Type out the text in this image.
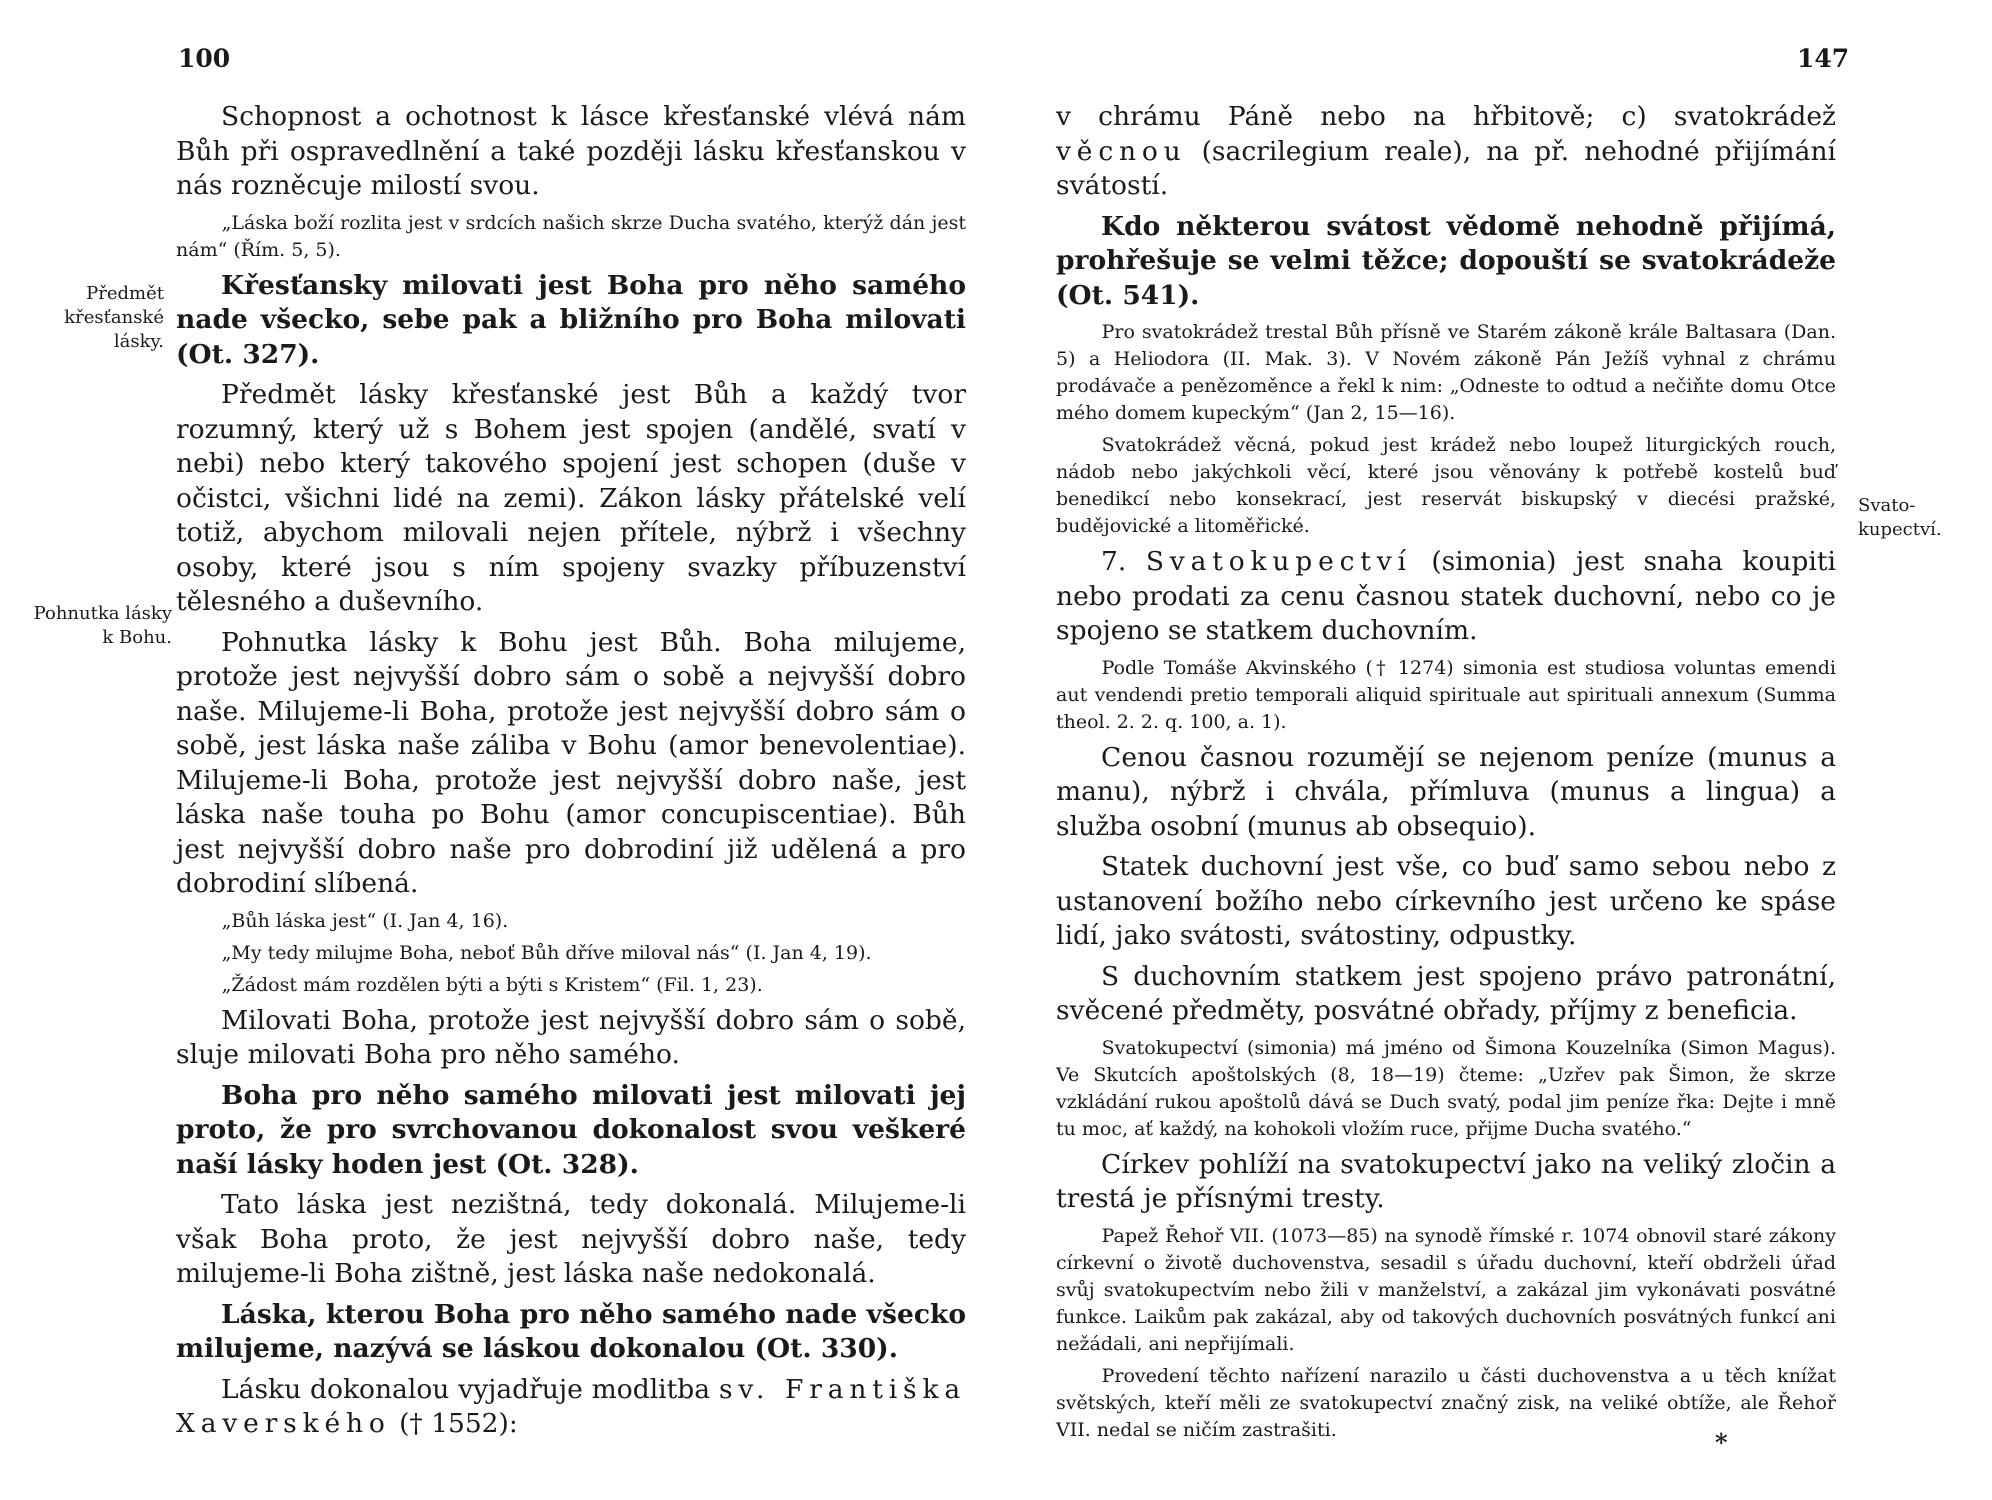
100
Předmět křesťanské lásky.
Pohnutka lásky k Bohu.

Schopnost a ochotnost k lásce křesťanské vlévá nám Bůh při ospravedlnění a také později lásku křesťanskou v nás rozněcuje milostí svou.

„Láska boží rozlita jest v srdcích našich skrze Ducha svatého, kterýž dán jest nám“ (Řím. 5, 5).

Křesťansky milovati jest Boha pro něho samého nade všecko, sebe pak a bližního pro Boha milovati (Ot. 327).

Předmět lásky křesťanské jest Bůh a každý tvor rozumný, který už s Bohem jest spojen (andělé, svatí v nebi) nebo který takového spojení jest schopen (duše v očistci, všichni lidé na zemi). Zákon lásky přátelské velí totiž, abychom milovali nejen přítele, nýbrž i všechny osoby, které jsou s ním spojeny svazky příbuzenství tělesného a duševního.

Pohnutka lásky k Bohu jest Bůh. Boha milujeme, protože jest nejvyšší dobro sám o sobě a nejvyšší dobro naše. Milujeme-li Boha, protože jest nejvyšší dobro sám o sobě, jest láska naše záliba v Bohu (amor benevolentiae). Milujeme-li Boha, protože jest nejvyšší dobro naše, jest láska naše touha po Bohu (amor concupiscentiae). Bůh jest nejvyšší dobro naše pro dobrodiní již udělená a pro dobrodiní slíbená.

„Bůh láska jest“ (I. Jan 4, 16).

„My tedy milujme Boha, neboť Bůh dříve miloval nás“ (I. Jan 4, 19).

„Žádost mám rozdělen býti a býti s Kristem“ (Fil. 1, 23).

Milovati Boha, protože jest nejvyšší dobro sám o sobě, sluje milovati Boha pro něho samého.

Boha pro něho samého milovati jest milovati jej proto, že pro svrchovanou dokonalost svou veškeré naší lásky hoden jest (Ot. 328).

Tato láska jest nezištná, tedy dokonalá. Milujeme-li však Boha proto, že jest nejvyšší dobro naše, tedy milujeme-li Boha zištně, jest láska naše nedokonalá.

Láska, kterou Boha pro něho samého nade všecko milujeme, nazývá se láskou dokonalou (Ot. 330).

Lásku dokonalou vyjadřuje modlitba sv. Františka Xaverského († 1552):

147
Svato-kupectví.

v chrámu Páně nebo na hřbitově; c) svatokrádež věcnou (sacrilegium reale), na př. nehodné přijímání svátostí.

Kdo některou svátost vědomě nehodně přijímá, prohřešuje se velmi těžce; dopouští se svatokrádeže (Ot. 541).

Pro svatokrádež trestal Bůh přísně ve Starém zákoně krále Baltasara (Dan. 5) a Heliodora (II. Mak. 3). V Novém zákoně Pán Ježíš vyhnal z chrámu prodávače a penězoměnce a řekl k nim: „Odneste to odtud a nečiňte domu Otce mého domem kupeckým“ (Jan 2, 15—16).

Svatokrádež věcná, pokud jest krádež nebo loupež liturgických rouch, nádob nebo jakýchkoli věcí, které jsou věnovány k potřebě kostelů buď benedikcí nebo konsekrací, jest reservát biskupský v diecési pražské, budějovické a litoměřické.

7. Svatokupectví (simonia) jest snaha koupiti nebo prodati za cenu časnou statek duchovní, nebo co je spojeno se statkem duchovním.

Podle Tomáše Akvinského († 1274) simonia est studiosa voluntas emendi aut vendendi pretio temporali aliquid spirituale aut spirituali annexum (Summa theol. 2. 2. q. 100, a. 1).

Cenou časnou rozumějí se nejenom peníze (munus a manu), nýbrž i chvála, přímluva (munus a lingua) a služba osobní (munus ab obsequio).

Statek duchovní jest vše, co buď samo sebou nebo z ustanovení božího nebo církevního jest určeno ke spáse lidí, jako svátosti, svátostiny, odpustky.

S duchovním statkem jest spojeno právo patronátní, svěcené předměty, posvátné obřady, příjmy z beneficia.

Svatokupectví (simonia) má jméno od Šimona Kouzelníka (Simon Magus). Ve Skutcích apoštolských (8, 18—19) čteme: „Uzřev pak Šimon, že skrze vzkládání rukou apoštolů dává se Duch svatý, podal jim peníze řka: Dejte i mně tu moc, ať každý, na kohokoli vložím ruce, přijme Ducha svatého.“

Církev pohlíží na svatokupectví jako na veliký zločin a trestá je přísnými tresty.

Papež Řehoř VII. (1073—85) na synodě římské r. 1074 obnovil staré zákony církevní o životě duchovenstva, sesadil s úřadu duchovní, kteří obdrželi úřad svůj svatokupectvím nebo žili v manželství, a zakázal jim vykonávati posvátné funkce. Laikům pak zakázal, aby od takových duchovních posvátných funkcí ani nežádali, ani nepřijímali.

Provedení těchto nařízení narazilo u části duchovenstva a u těch knížat světských, kteří měli ze svatokupectví značný zisk, na veliké obtíže, ale Řehoř VII. nedal se ničím zastrašiti.	*
